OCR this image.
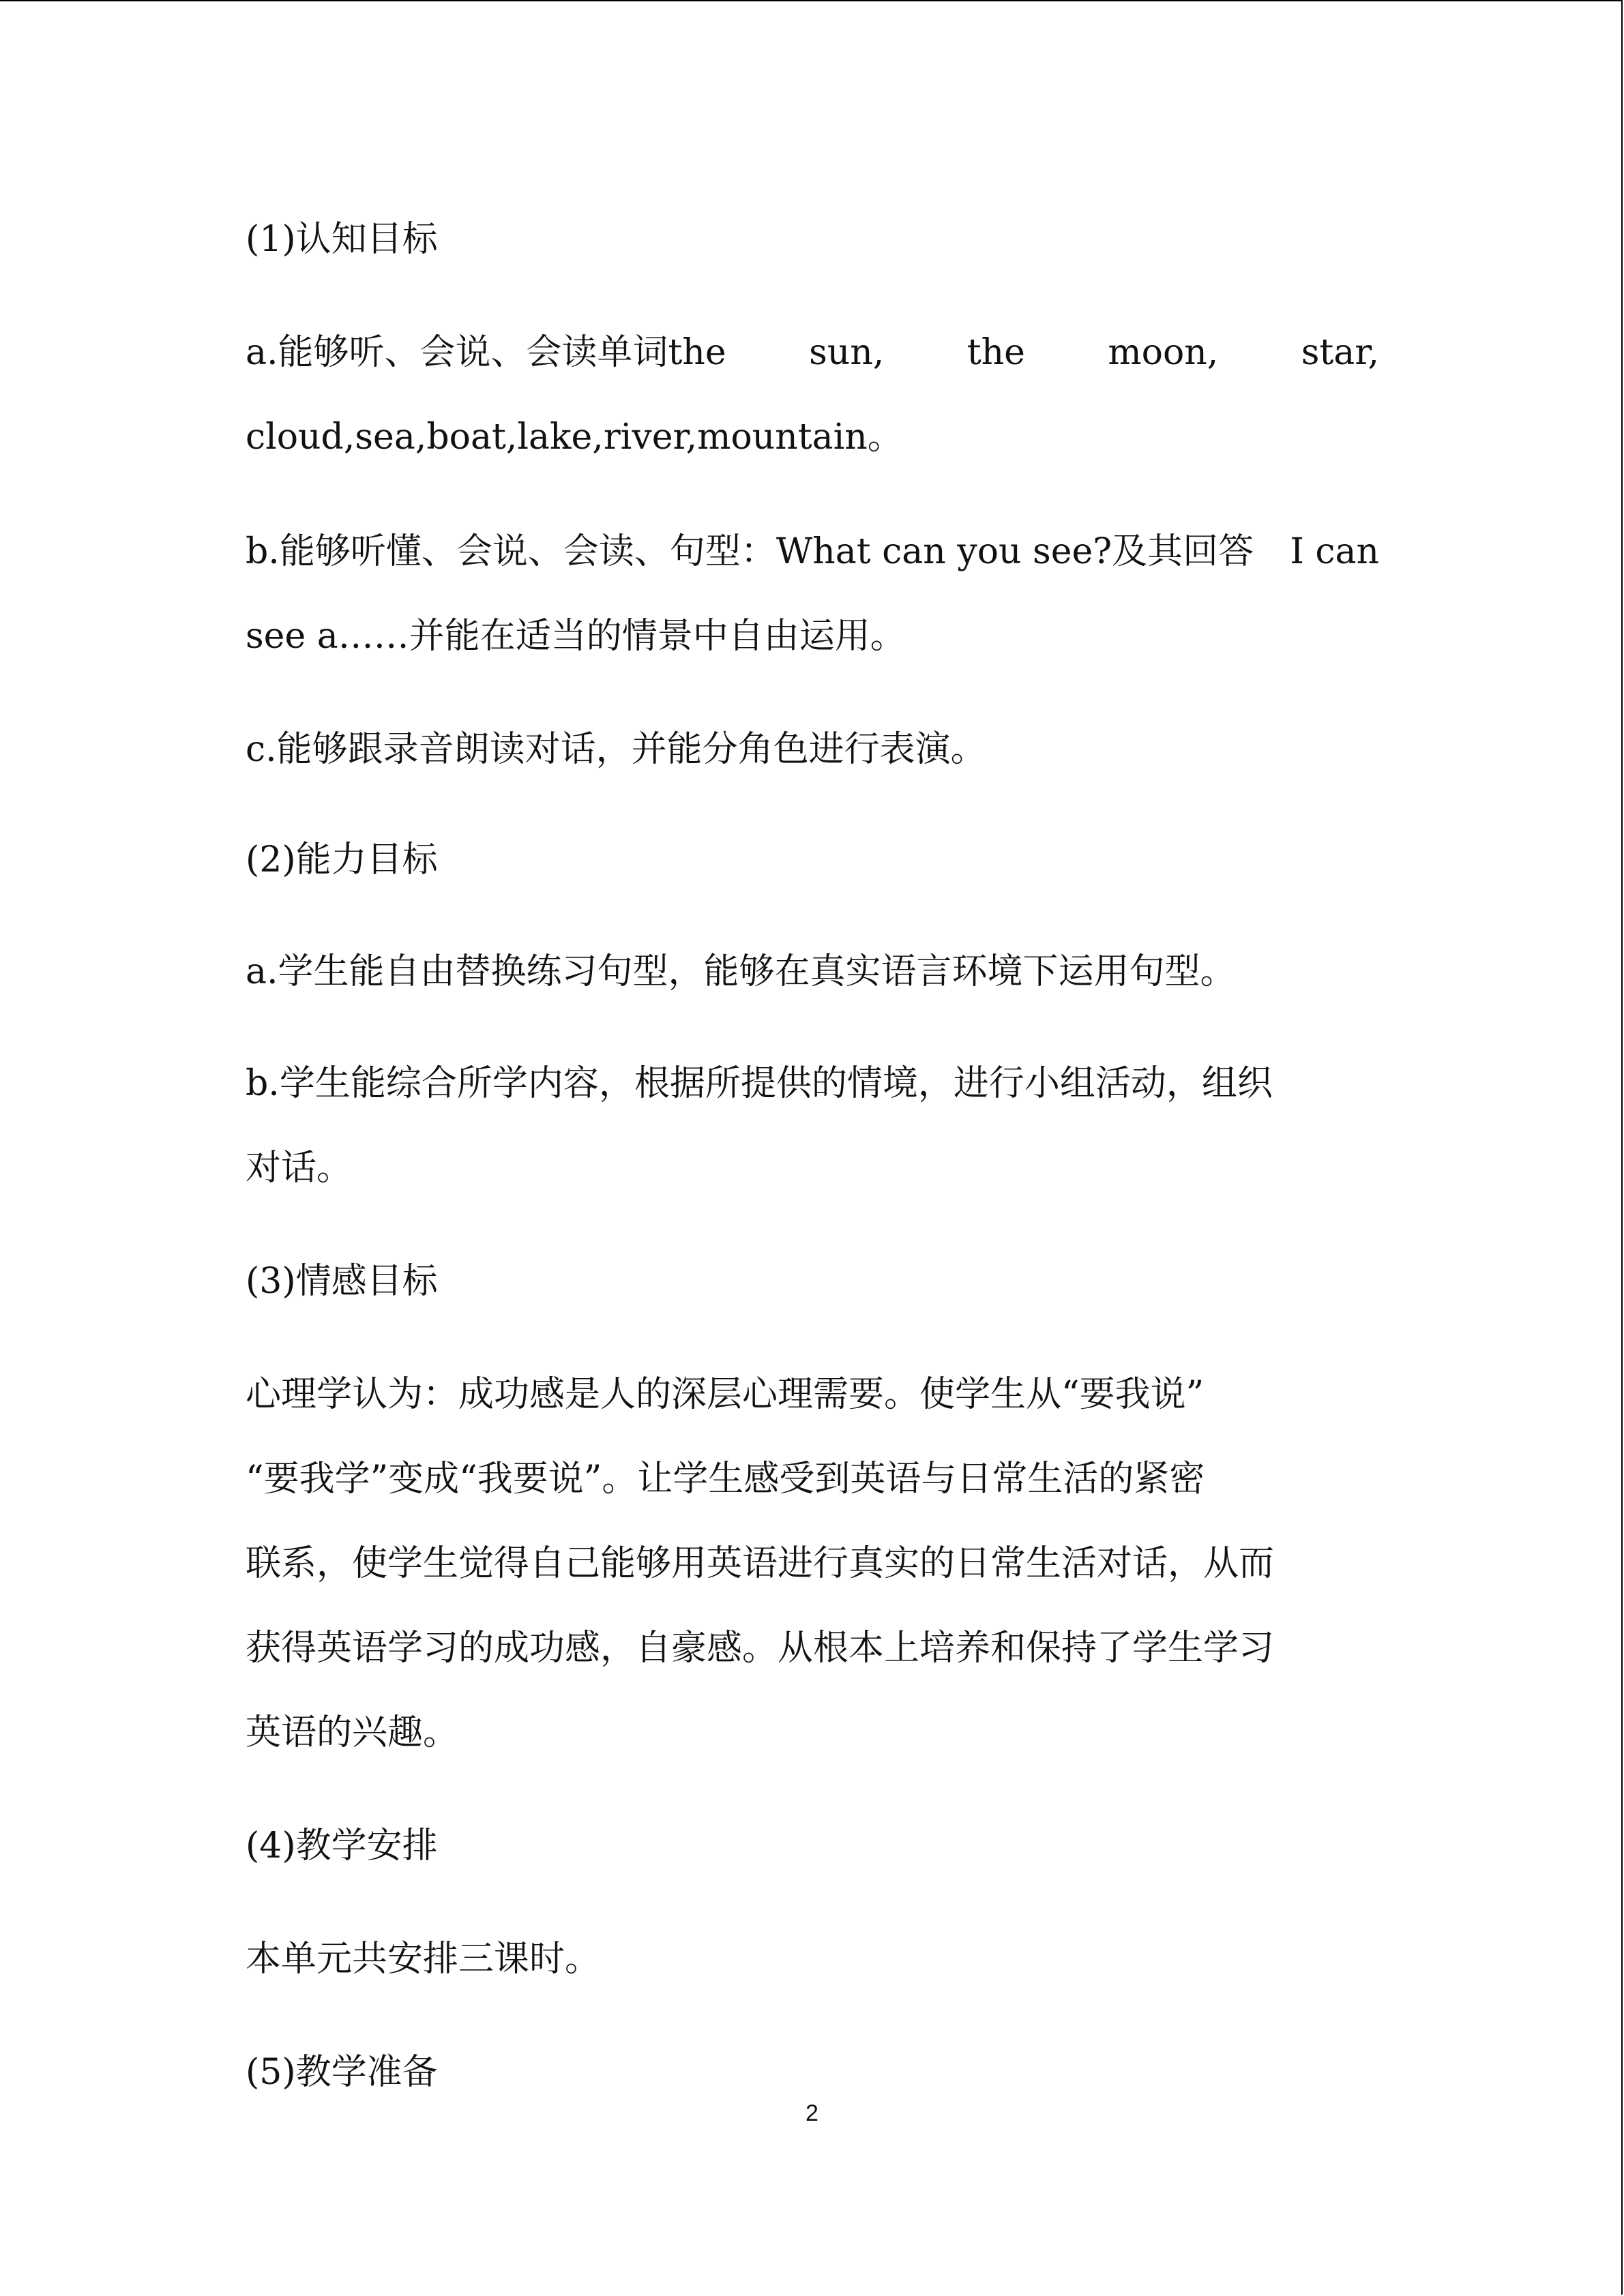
(1)认知目标
a.能够听、会说、会读单词the sun, the moon, star,
cloud,sea,boat,lake,river,mountain。
b.能够听懂、会说、会读、句型：What can you see?及其回答 I can
see a……并能在适当的情景中自由运用。
c.能够跟录音朗读对话，并能分角色进行表演。
(2)能力目标
a.学生能自由替换练习句型，能够在真实语言环境下运用句型。
b.学生能综合所学内容，根据所提供的情境，进行小组活动，组织
对话。
(3)情感目标
心理学认为：成功感是人的深层心理需要。使学生从“要我说”
“要我学”变成“我要说”。让学生感受到英语与日常生活的紧密
联系，使学生觉得自己能够用英语进行真实的日常生活对话，从而
获得英语学习的成功感，自豪感。从根本上培养和保持了学生学习
英语的兴趣。
(4)教学安排
本单元共安排三课时。
(5)教学准备
2
